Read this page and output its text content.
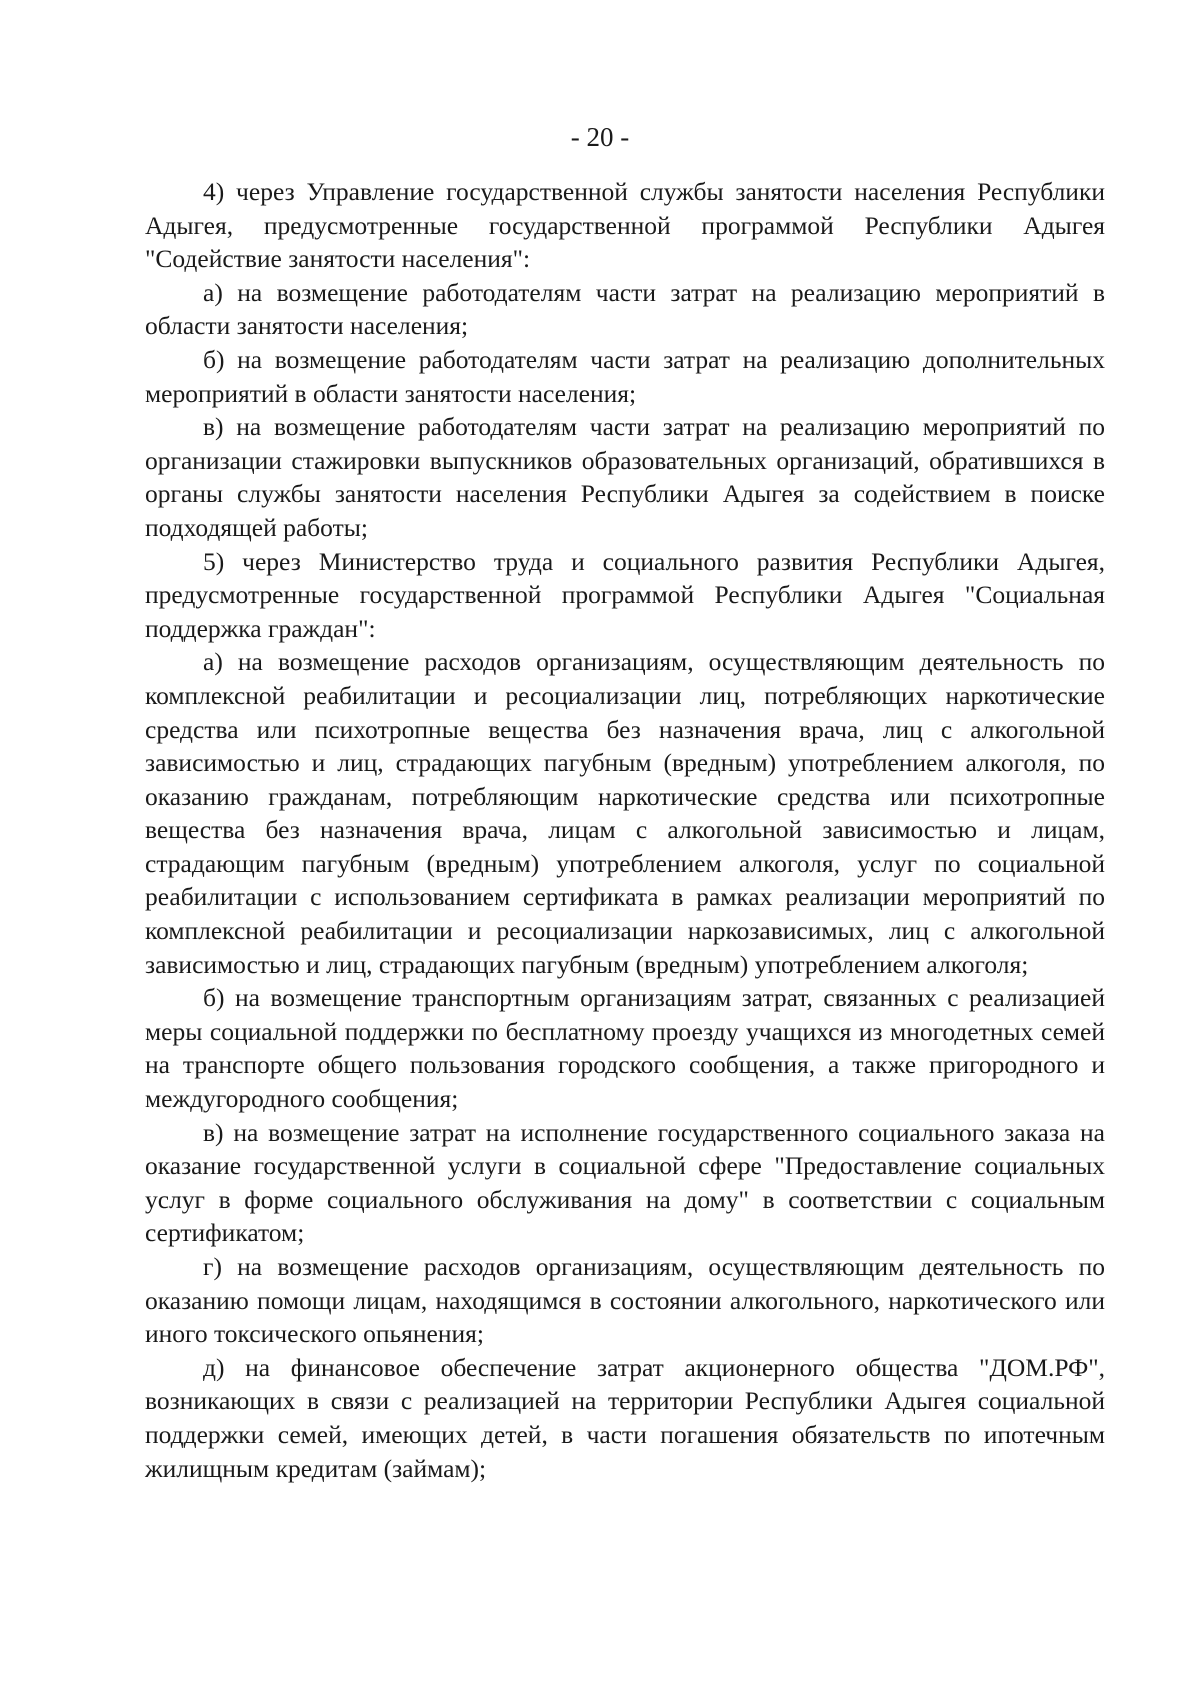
- 20 -

4) через Управление государственной службы занятости населения Республики Адыгея, предусмотренные государственной программой Республики Адыгея "Содействие занятости населения":

а) на возмещение работодателям части затрат на реализацию мероприятий в области занятости населения;

б) на возмещение работодателям части затрат на реализацию дополнительных мероприятий в области занятости населения;

в) на возмещение работодателям части затрат на реализацию мероприятий по организации стажировки выпускников образовательных организаций, обратившихся в органы службы занятости населения Республики Адыгея за содействием в поиске подходящей работы;

5) через Министерство труда и социального развития Республики Адыгея, предусмотренные государственной программой Республики Адыгея "Социальная поддержка граждан":

а) на возмещение расходов организациям, осуществляющим деятельность по комплексной реабилитации и ресоциализации лиц, потребляющих наркотические средства или психотропные вещества без назначения врача, лиц с алкогольной зависимостью и лиц, страдающих пагубным (вредным) употреблением алкоголя, по оказанию гражданам, потребляющим наркотические средства или психотропные вещества без назначения врача, лицам с алкогольной зависимостью и лицам, страдающим пагубным (вредным) употреблением алкоголя, услуг по социальной реабилитации с использованием сертификата в рамках реализации мероприятий по комплексной реабилитации и ресоциализации наркозависимых, лиц с алкогольной зависимостью и лиц, страдающих пагубным (вредным) употреблением алкоголя;

б) на возмещение транспортным организациям затрат, связанных с реализацией меры социальной поддержки по бесплатному проезду учащихся из многодетных семей на транспорте общего пользования городского сообщения, а также пригородного и междугородного сообщения;

в) на возмещение затрат на исполнение государственного социального заказа на оказание государственной услуги в социальной сфере "Предоставление социальных услуг в форме социального обслуживания на дому" в соответствии с социальным сертификатом;

г) на возмещение расходов организациям, осуществляющим деятельность по оказанию помощи лицам, находящимся в состоянии алкогольного, наркотического или иного токсического опьянения;

д) на финансовое обеспечение затрат акционерного общества "ДОМ.РФ", возникающих в связи с реализацией на территории Республики Адыгея социальной поддержки семей, имеющих детей, в части погашения обязательств по ипотечным жилищным кредитам (займам);
